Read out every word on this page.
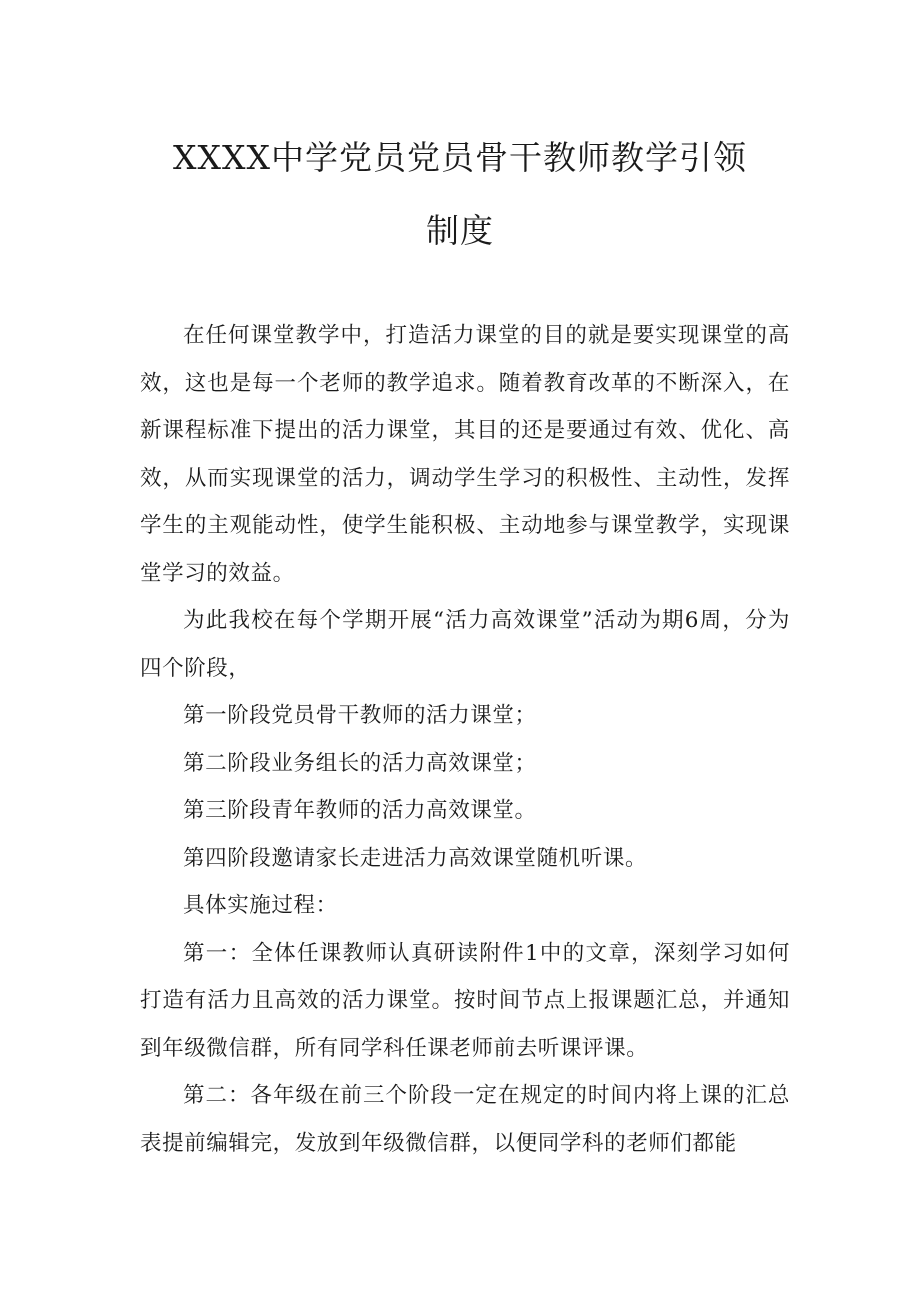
XXXX中学党员党员骨干教师教学引领
制度

在任何课堂教学中，打造活力课堂的目的就是要实现课堂的高效，这也是每一个老师的教学追求。随着教育改革的不断深入，在新课程标准下提出的活力课堂，其目的还是要通过有效、优化、高效，从而实现课堂的活力，调动学生学习的积极性、主动性，发挥学生的主观能动性，使学生能积极、主动地参与课堂教学，实现课堂学习的效益。

为此我校在每个学期开展“活力高效课堂”活动为期6周，分为四个阶段，

第一阶段党员骨干教师的活力课堂；

第二阶段业务组长的活力高效课堂；

第三阶段青年教师的活力高效课堂。

第四阶段邀请家长走进活力高效课堂随机听课。

具体实施过程：

第一：全体任课教师认真研读附件1中的文章，深刻学习如何打造有活力且高效的活力课堂。按时间节点上报课题汇总，并通知到年级微信群，所有同学科任课老师前去听课评课。

第二：各年级在前三个阶段一定在规定的时间内将上课的汇总表提前编辑完，发放到年级微信群，以便同学科的老师们都能
